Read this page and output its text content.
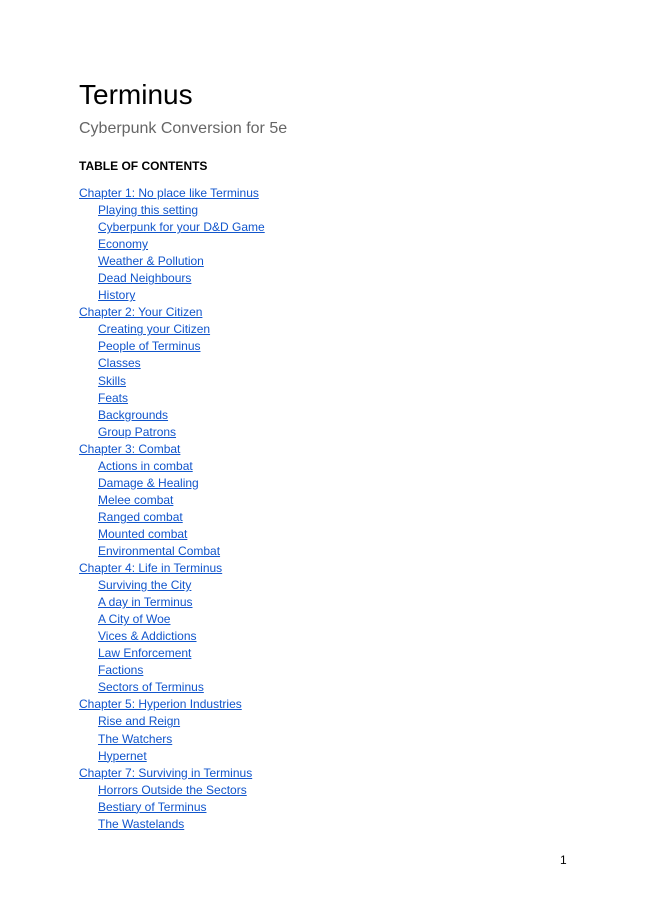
Terminus
Cyberpunk Conversion for 5e
TABLE OF CONTENTS
Chapter 1: No place like Terminus
Playing this setting
Cyberpunk for your D&D Game
Economy
Weather & Pollution
Dead Neighbours
History
Chapter 2: Your Citizen
Creating your Citizen
People of Terminus
Classes
Skills
Feats
Backgrounds
Group Patrons
Chapter 3: Combat
Actions in combat
Damage & Healing
Melee combat
Ranged combat
Mounted combat
Environmental Combat
Chapter 4: Life in Terminus
Surviving the City
A day in Terminus
A City of Woe
Vices & Addictions
Law Enforcement
Factions
Sectors of Terminus
Chapter 5: Hyperion Industries
Rise and Reign
The Watchers
Hypernet
Chapter 7: Surviving in Terminus
Horrors Outside the Sectors
Bestiary of Terminus
The Wastelands
1
